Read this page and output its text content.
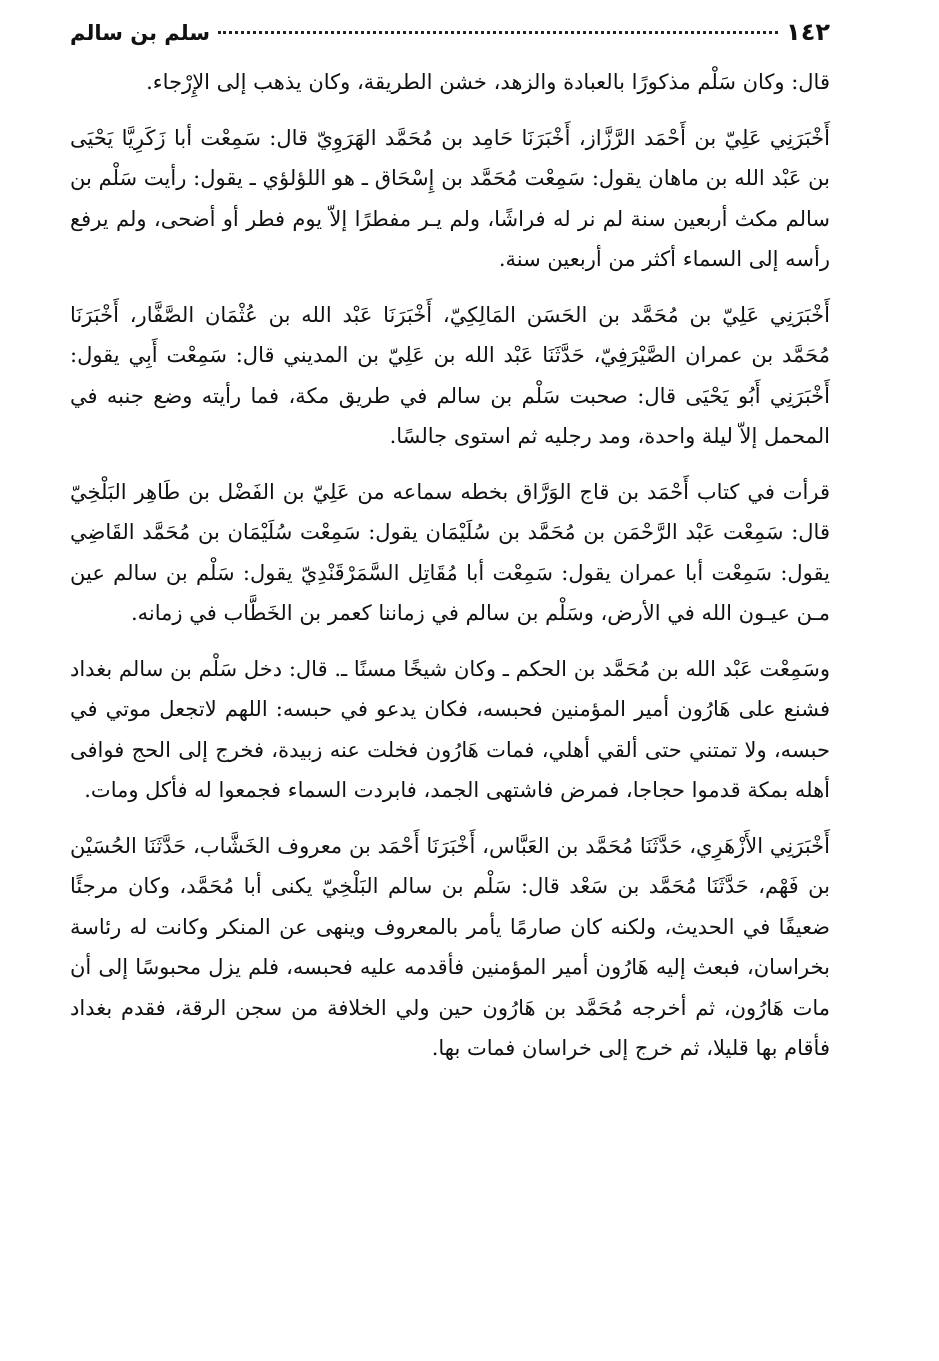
١٤٢
سلم بن سالم

قال: وكان سَلْم مذكورًا بالعبادة والزهد، خشن الطريقة، وكان يذهب إلى الإِرْجاء.

أَخْبَرَنِي عَلِيّ بن أَحْمَد الرَّزَّاز، أَخْبَرَنَا حَامِد بن مُحَمَّد الهَرَوِيّ قال: سَمِعْت أبا زَكَرِيَّا يَحْيَى بن عَبْد الله بن ماهان يقول: سَمِعْت مُحَمَّد بن إِسْحَاق ـ هو اللؤلؤي ـ يقول: رأيت سَلْم بن سالم مكث أربعين سنة لم نر له فراشًا، ولم يـر مفطرًا إلاّ يوم فطر أو أضحى، ولم يرفع رأسه إلى السماء أكثر من أربعين سنة.

أَخْبَرَنِي عَلِيّ بن مُحَمَّد بن الحَسَن المَالِكِيّ، أَخْبَرَنَا عَبْد الله بن عُثْمَان الصَّفَّار، أَخْبَرَنَا مُحَمَّد بن عمران الصَّيْرَفِيّ، حَدَّثَنَا عَبْد الله بن عَلِيّ بن المديني قال: سَمِعْت أَبِي يقول: أَخْبَرَنِي أَبُو يَحْيَى قال: صحبت سَلْم بن سالم في طريق مكة، فما رأيته وضع جنبه في المحمل إلاّ ليلة واحدة، ومد رجليه ثم استوى جالسًا.

قرأت في كتاب أَحْمَد بن قاج الوَرَّاق بخطه سماعه من عَلِيّ بن الفَضْل بن طَاهِر البَلْخِيّ قال: سَمِعْت عَبْد الرَّحْمَن بن مُحَمَّد بن سُلَيْمَان يقول: سَمِعْت سُلَيْمَان بن مُحَمَّد القَاضِي يقول: سَمِعْت أبا عمران يقول: سَمِعْت أبا مُقَاتِل السَّمَرْقَنْدِيّ يقول: سَلْم بن سالم عين مـن عيـون الله في الأرض، وسَلْم بن سالم في زماننا كعمر بن الخَطَّاب في زمانه.

وسَمِعْت عَبْد الله بن مُحَمَّد بن الحكم ـ وكان شيخًا مسنًا ـ. قال: دخل سَلْم بن سالم بغداد فشنع على هَارُون أمير المؤمنين فحبسه، فكان يدعو في حبسه: اللهم لاتجعل موتي في حبسه، ولا تمتني حتى ألقي أهلي، فمات هَارُون فخلت عنه زبيدة، فخرج إلى الحج فوافى أهله بمكة قدموا حجاجا، فمرض فاشتهى الجمد، فابردت السماء فجمعوا له فأكل ومات.

أَخْبَرَنِي الأَزْهَرِي، حَدَّثَنَا مُحَمَّد بن العَبَّاس، أَخْبَرَنَا أَحْمَد بن معروف الخَشَّاب، حَدَّثَنَا الحُسَيْن بن فَهْم، حَدَّثَنَا مُحَمَّد بن سَعْد قال: سَلْم بن سالم البَلْخِيّ يكنى أبا مُحَمَّد، وكان مرجئًا ضعيفًا في الحديث، ولكنه كان صارمًا يأمر بالمعروف وينهى عن المنكر وكانت له رئاسة بخراسان، فبعث إليه هَارُون أمير المؤمنين فأقدمه عليه فحبسه، فلم يزل محبوسًا إلى أن مات هَارُون، ثم أخرجه مُحَمَّد بن هَارُون حين ولي الخلافة من سجن الرقة، فقدم بغداد فأقام بها قليلا، ثم خرج إلى خراسان فمات بها.
